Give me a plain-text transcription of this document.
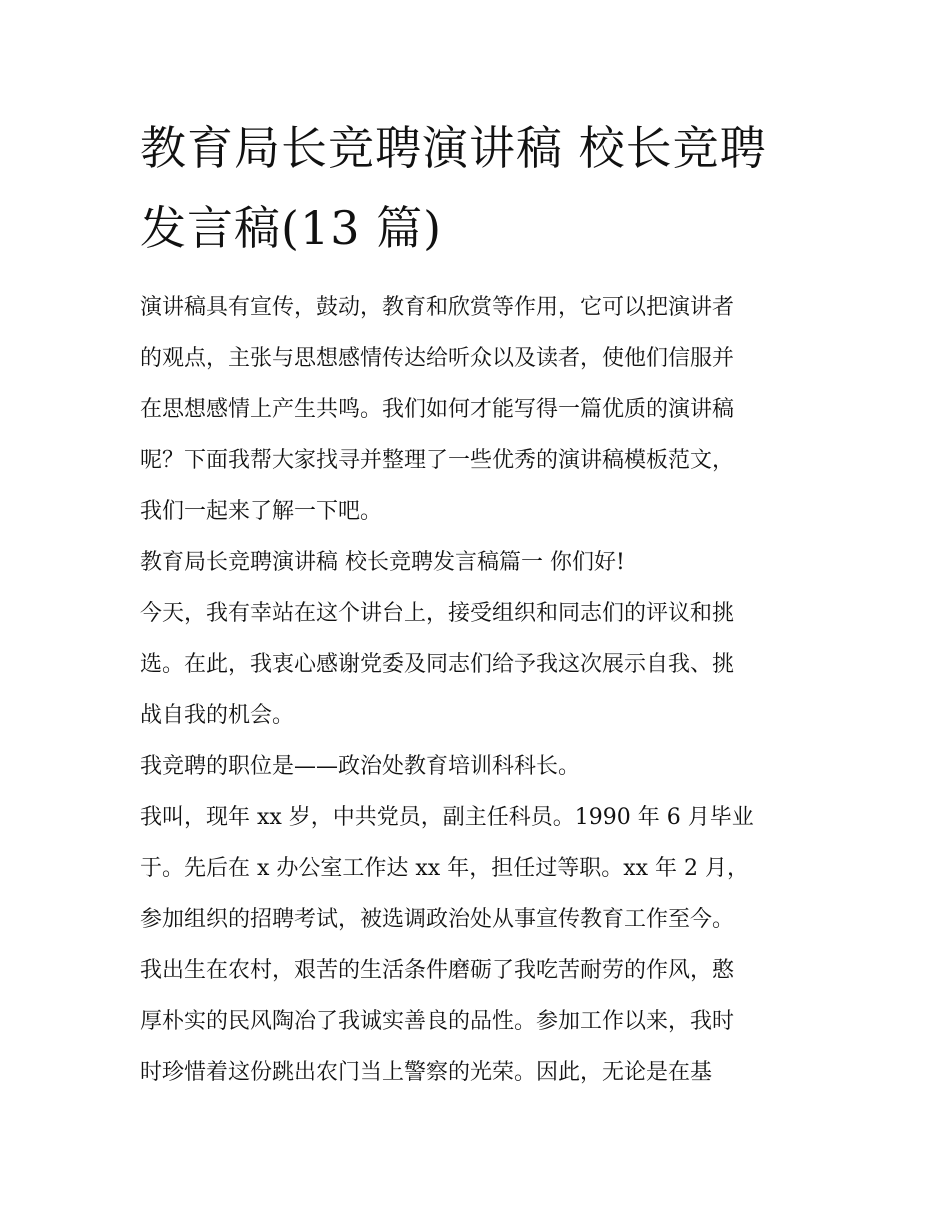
教育局长竞聘演讲稿 校长竞聘
发言稿(13 篇)

演讲稿具有宣传，鼓动，教育和欣赏等作用，它可以把演讲者
的观点，主张与思想感情传达给听众以及读者，使他们信服并
在思想感情上产生共鸣。我们如何才能写得一篇优质的演讲稿
呢？下面我帮大家找寻并整理了一些优秀的演讲稿模板范文，
我们一起来了解一下吧。

教育局长竞聘演讲稿 校长竞聘发言稿篇一 你们好!

今天，我有幸站在这个讲台上，接受组织和同志们的评议和挑
选。在此，我衷心感谢党委及同志们给予我这次展示自我、挑
战自我的机会。

我竞聘的职位是——政治处教育培训科科长。

我叫，现年 xx 岁，中共党员，副主任科员。1990 年 6 月毕业
于。先后在 x 办公室工作达 xx 年，担任过等职。xx 年 2 月，
参加组织的招聘考试，被选调政治处从事宣传教育工作至今。
我出生在农村，艰苦的生活条件磨砺了我吃苦耐劳的作风，憨
厚朴实的民风陶冶了我诚实善良的品性。参加工作以来，我时
时珍惜着这份跳出农门当上警察的光荣。因此，无论是在基
